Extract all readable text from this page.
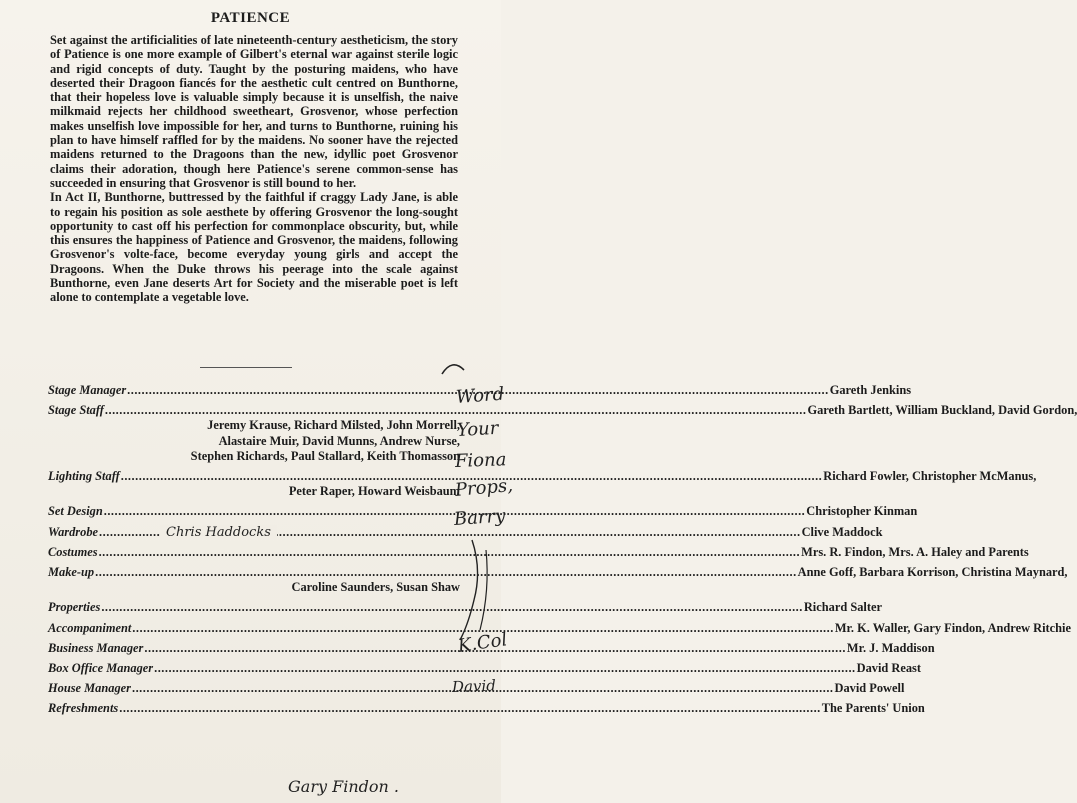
PATIENCE

Set against the artificialities of late nineteenth-century aestheticism, the story of Patience is one more example of Gilbert's eternal war against sterile logic and rigid concepts of duty. Taught by the posturing maidens, who have deserted their Dragoon fiancés for the aesthetic cult centred on Bunthorne, that their hopeless love is valuable simply because it is unselfish, the naive milkmaid rejects her childhood sweetheart, Grosvenor, whose perfection makes unselfish love impossible for her, and turns to Bunthorne, ruining his plan to have himself raffled for by the maidens. No sooner have the rejected maidens returned to the Dragoons than the new, idyllic poet Grosvenor claims their adoration, though here Patience's serene common-sense has succeeded in ensuring that Grosvenor is still bound to her.

In Act II, Bunthorne, buttressed by the faithful if craggy Lady Jane, is able to regain his position as sole aesthete by offering Grosvenor the long-sought opportunity to cast off his perfection for commonplace obscurity, but, while this ensures the happiness of Patience and Grosvenor, the maidens, following Grosvenor's volte-face, become everyday young girls and accept the Dragoons. When the Duke throws his peerage into the scale against Bunthorne, even Jane deserts Art for Society and the miserable poet is left alone to contemplate a vegetable love.

Stage Manager .....	Gareth Jenkins
Stage Staff .....	Gareth Bartlett, William Buckland, David Gordon,
Jeremy Krause, Richard Milsted, John Morrell,
Alastaire Muir, David Munns, Andrew Nurse,
Stephen Richards, Paul Stallard, Keith Thomasson
Lighting Staff .....	Richard Fowler, Christopher McManus,
Peter Raper, Howard Weisbaum
Set Design .....	Christopher Kinman
Wardrobe .....	Clive Maddock
Chris Haddocks
Costumes .....	Mrs. R. Findon, Mrs. A. Haley and Parents
Make-up .....	Anne Goff, Barbara Korrison, Christina Maynard,
Caroline Saunders, Susan Shaw
Properties .....	Richard Salter
Accompaniment .....	Mr. K. Waller, Gary Findon, Andrew Ritchie
Business Manager .....	Mr. J. Maddison
Box Office Manager .....	David Reast
House Manager .....	David Powell
Refreshments .....	The Parents' Union
Word
Your
Fiona
Props,
Barry
K.Col
David
Gary Findon .
